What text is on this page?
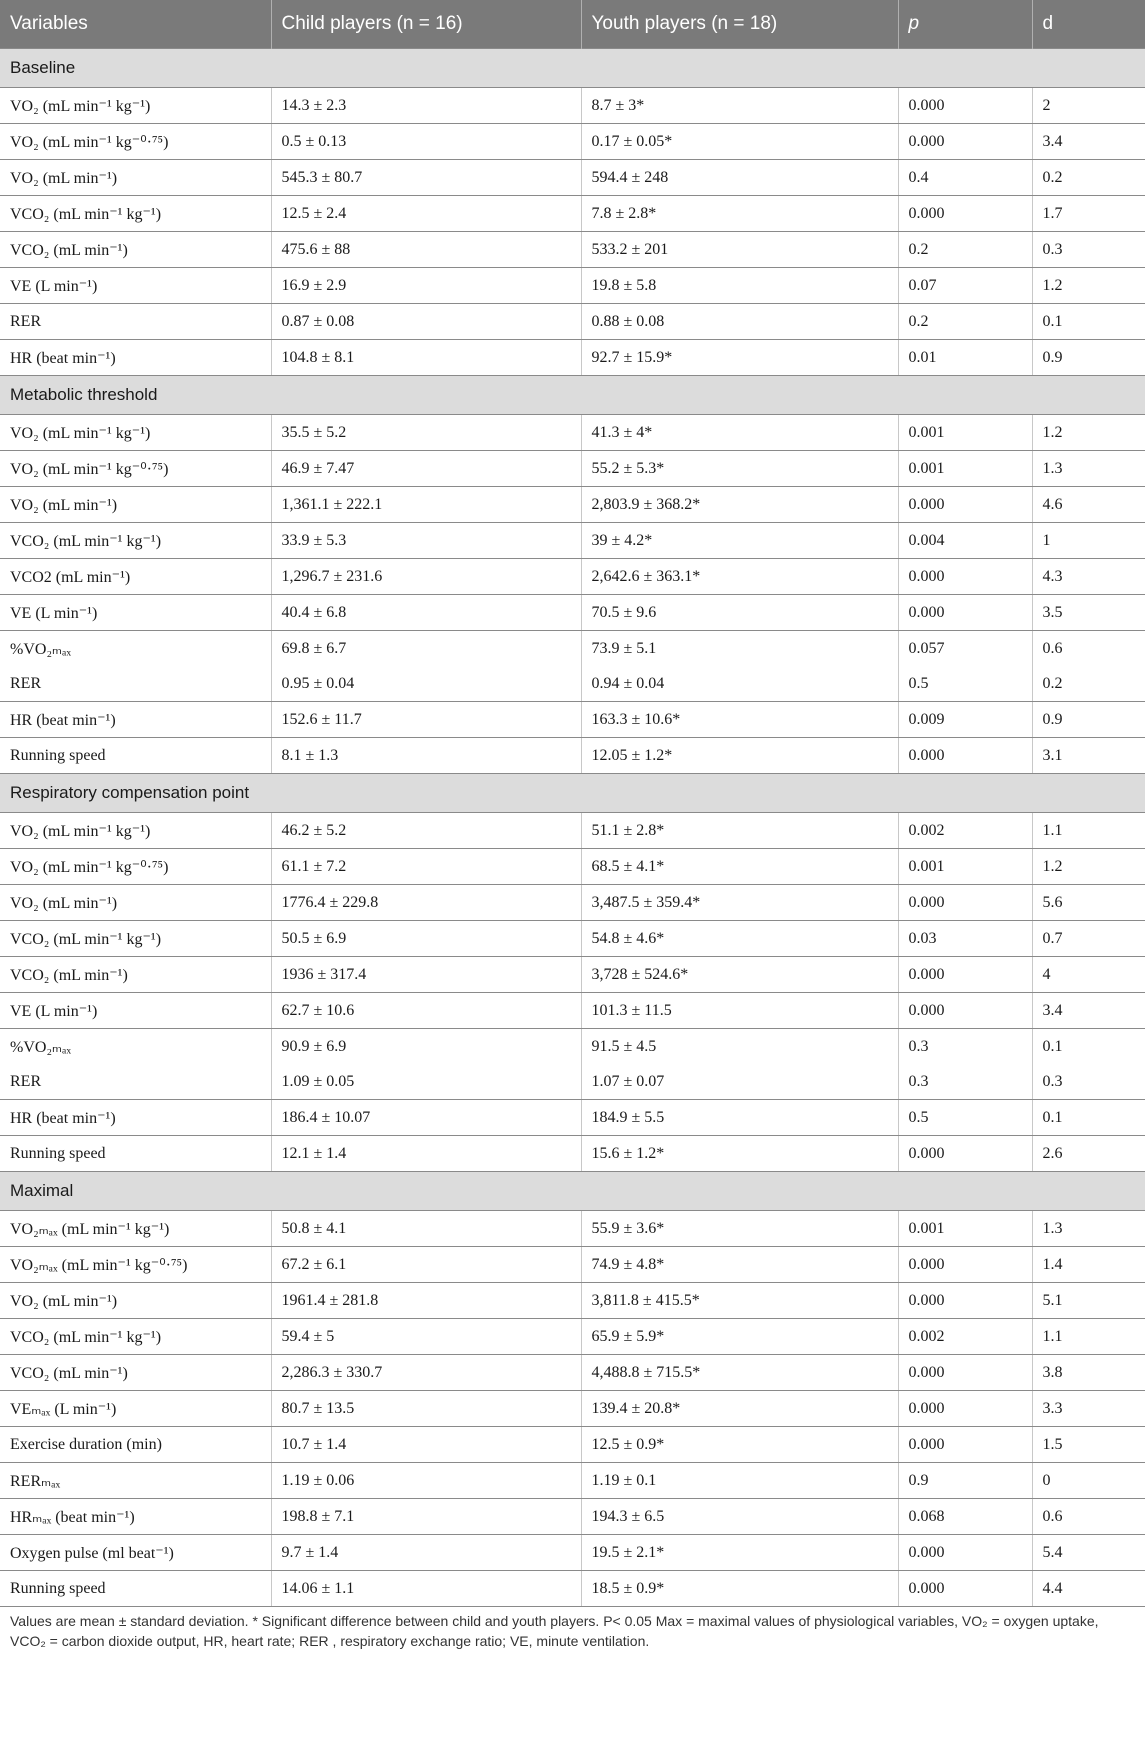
Variables	Child players (n = 16)	Youth players (n = 18)	p	d
Baseline				
VO₂ (mL min⁻¹ kg⁻¹)	14.3 ± 2.3	8.7 ± 3*	0.000	2
VO₂ (mL min⁻¹ kg⁻⁰·⁷⁵)	0.5 ± 0.13	0.17 ± 0.05*	0.000	3.4
VO₂ (mL min⁻¹)	545.3 ± 80.7	594.4 ± 248	0.4	0.2
VCO₂ (mL min⁻¹ kg⁻¹)	12.5 ± 2.4	7.8 ± 2.8*	0.000	1.7
VCO₂ (mL min⁻¹)	475.6 ± 88	533.2 ± 201	0.2	0.3
VE (L min⁻¹)	16.9 ± 2.9	19.8 ± 5.8	0.07	1.2
RER	0.87 ± 0.08	0.88 ± 0.08	0.2	0.1
HR (beat min⁻¹)	104.8 ± 8.1	92.7 ± 15.9*	0.01	0.9
Metabolic threshold				
VO₂ (mL min⁻¹ kg⁻¹)	35.5 ± 5.2	41.3 ± 4*	0.001	1.2
VO₂ (mL min⁻¹ kg⁻⁰·⁷⁵)	46.9 ± 7.47	55.2 ± 5.3*	0.001	1.3
VO₂ (mL min⁻¹)	1,361.1 ± 222.1	2,803.9 ± 368.2*	0.000	4.6
VCO₂ (mL min⁻¹ kg⁻¹)	33.9 ± 5.3	39 ± 4.2*	0.004	1
VCO2 (mL min⁻¹)	1,296.7 ± 231.6	2,642.6 ± 363.1*	0.000	4.3
VE (L min⁻¹)	40.4 ± 6.8	70.5 ± 9.6	0.000	3.5
%VO₂ₘₐₓ	69.8 ± 6.7	73.9 ± 5.1	0.057	0.6
RER	0.95 ± 0.04	0.94 ± 0.04	0.5	0.2
HR (beat min⁻¹)	152.6 ± 11.7	163.3 ± 10.6*	0.009	0.9
Running speed	8.1 ± 1.3	12.05 ± 1.2*	0.000	3.1
Respiratory compensation point				
VO₂ (mL min⁻¹ kg⁻¹)	46.2 ± 5.2	51.1 ± 2.8*	0.002	1.1
VO₂ (mL min⁻¹ kg⁻⁰·⁷⁵)	61.1 ± 7.2	68.5 ± 4.1*	0.001	1.2
VO₂ (mL min⁻¹)	1776.4 ± 229.8	3,487.5 ± 359.4*	0.000	5.6
VCO₂ (mL min⁻¹ kg⁻¹)	50.5 ± 6.9	54.8 ± 4.6*	0.03	0.7
VCO₂ (mL min⁻¹)	1936 ± 317.4	3,728 ± 524.6*	0.000	4
VE (L min⁻¹)	62.7 ± 10.6	101.3 ± 11.5	0.000	3.4
%VO₂ₘₐₓ	90.9 ± 6.9	91.5 ± 4.5	0.3	0.1
RER	1.09 ± 0.05	1.07 ± 0.07	0.3	0.3
HR (beat min⁻¹)	186.4 ± 10.07	184.9 ± 5.5	0.5	0.1
Running speed	12.1 ± 1.4	15.6 ± 1.2*	0.000	2.6
Maximal				
VO₂ₘₐₓ (mL min⁻¹ kg⁻¹)	50.8 ± 4.1	55.9 ± 3.6*	0.001	1.3
VO₂ₘₐₓ (mL min⁻¹ kg⁻⁰·⁷⁵)	67.2 ± 6.1	74.9 ± 4.8*	0.000	1.4
VO₂ (mL min⁻¹)	1961.4 ± 281.8	3,811.8 ± 415.5*	0.000	5.1
VCO₂ (mL min⁻¹ kg⁻¹)	59.4 ± 5	65.9 ± 5.9*	0.002	1.1
VCO₂ (mL min⁻¹)	2,286.3 ± 330.7	4,488.8 ± 715.5*	0.000	3.8
VEₘₐₓ (L min⁻¹)	80.7 ± 13.5	139.4 ± 20.8*	0.000	3.3
Exercise duration (min)	10.7 ± 1.4	12.5 ± 0.9*	0.000	1.5
RERₘₐₓ	1.19 ± 0.06	1.19 ± 0.1	0.9	0
HRₘₐₓ (beat min⁻¹)	198.8 ± 7.1	194.3 ± 6.5	0.068	0.6
Oxygen pulse (ml beat⁻¹)	9.7 ± 1.4	19.5 ± 2.1*	0.000	5.4
Running speed	14.06 ± 1.1	18.5 ± 0.9*	0.000	4.4
Values are mean ± standard deviation. * Significant difference between child and youth players. P< 0.05 Max = maximal values of physiological variables, VO₂ = oxygen uptake, VCO₂ = carbon dioxide output, HR, heart rate; RER , respiratory exchange ratio; VE, minute ventilation.
